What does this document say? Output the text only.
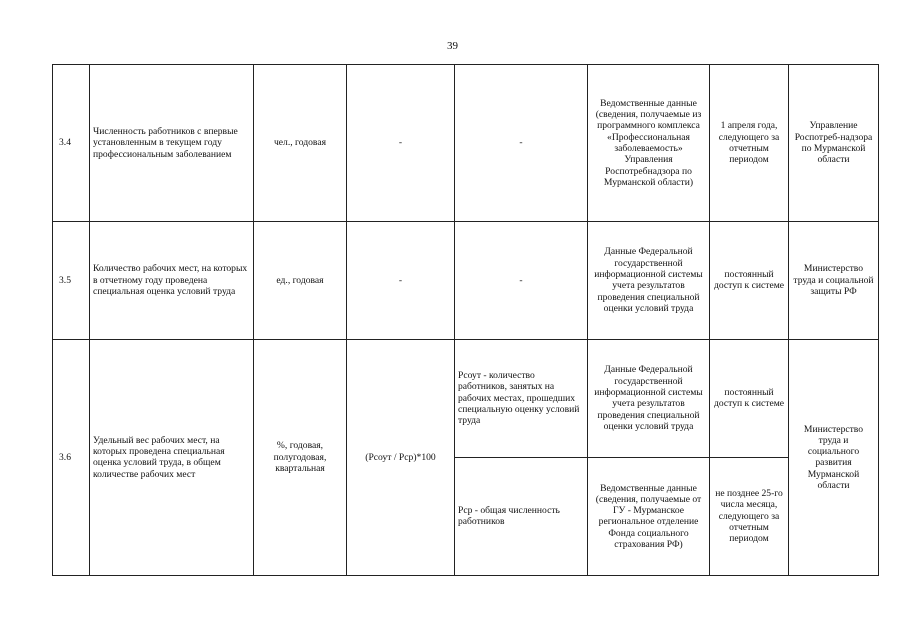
39
3.4	Численность работников с впервые установленным в текущем году профессиональным заболеванием	чел., годовая	-	-	Ведомственные данные (сведения, получаемые из программного комплекса «Профессиональная заболеваемость» Управления Роспотребнадзора по Мурманской области)	1 апреля года, следующего за отчетным периодом	Управление Роспотреб-надзора по Мурманской области
3.5	Количество рабочих мест, на которых в отчетному году проведена специальная оценка условий труда	ед., годовая	-	-	Данные Федеральной государственной информационной системы учета результатов проведения специальной оценки условий труда	постоянный доступ к системе	Министерство труда и социальной защиты РФ
3.6	Удельный вес рабочих мест, на которых проведена специальная оценка условий труда, в общем количестве рабочих мест	%, годовая, полугодовая, квартальная	(Рсоут / Рср)*100	Рсоут - количество работников, занятых на рабочих местах, прошедших специальную оценку условий труда	Данные Федеральной государственной информационной системы учета результатов проведения специальной оценки условий труда	постоянный доступ к системе	Министерство труда и социального развития Мурманской области
				Рср - общая численность работников	Ведомственные данные (сведения, получаемые от ГУ - Мурманское региональное отделение Фонда социального страхования РФ)	не позднее 25-го числа месяца, следующего за отчетным периодом	
